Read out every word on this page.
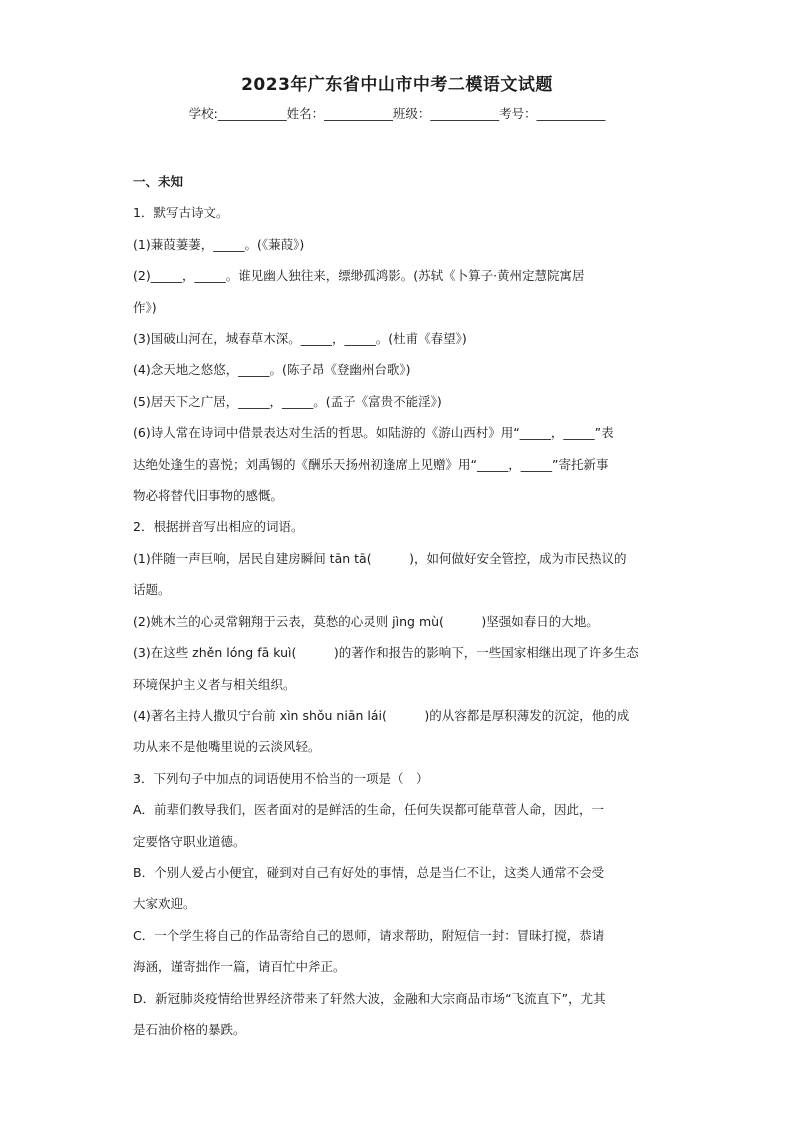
2023年广东省中山市中考二模语文试题
学校:___________姓名：___________班级：___________考号：___________
一、未知
1．默写古诗文。
(1)蒹葭萋萋，_____。(《蒹葭》)
(2)_____，_____。谁见幽人独往来，缥缈孤鸿影。(苏轼《卜算子·黄州定慧院寓居
作》)
(3)国破山河在，城春草木深。_____，_____。(杜甫《春望》)
(4)念天地之悠悠，_____。(陈子昂《登幽州台歌》)
(5)居天下之广居，_____，_____。(孟子《富贵不能淫》)
(6)诗人常在诗词中借景表达对生活的哲思。如陆游的《游山西村》用“_____，_____”表
达绝处逢生的喜悦；刘禹锡的《酬乐天扬州初逢席上见赠》用“_____，_____”寄托新事
物必将替代旧事物的感慨。
2．根据拼音写出相应的词语。
(1)伴随一声巨响，居民自建房瞬间 tān tā(　　　)，如何做好安全管控，成为市民热议的
话题。
(2)姚木兰的心灵常翱翔于云表，莫愁的心灵则 jìng mù(　　　)坚强如春日的大地。
(3)在这些 zhěn lóng fā kuì(　　　)的著作和报告的影响下，一些国家相继出现了许多生态
环境保护主义者与相关组织。
(4)著名主持人撒贝宁台前 xìn shǒu niān lái(　　　)的从容都是厚积薄发的沉淀，他的成
功从来不是他嘴里说的云淡风轻。
3．下列句子中加点的词语使用不恰当的一项是（　）
A．前辈们教导我们，医者面对的是鲜活的生命，任何失误都可能草菅人命，因此，一
定要恪守职业道德。
B．个别人爱占小便宜，碰到对自己有好处的事情，总是当仁不让，这类人通常不会受
大家欢迎。
C．一个学生将自己的作品寄给自己的恩师，请求帮助，附短信一封：冒昧打搅，恭请
海涵，谨寄拙作一篇，请百忙中斧正。
D．新冠肺炎疫情给世界经济带来了轩然大波，金融和大宗商品市场“飞流直下”，尤其
是石油价格的暴跌。
